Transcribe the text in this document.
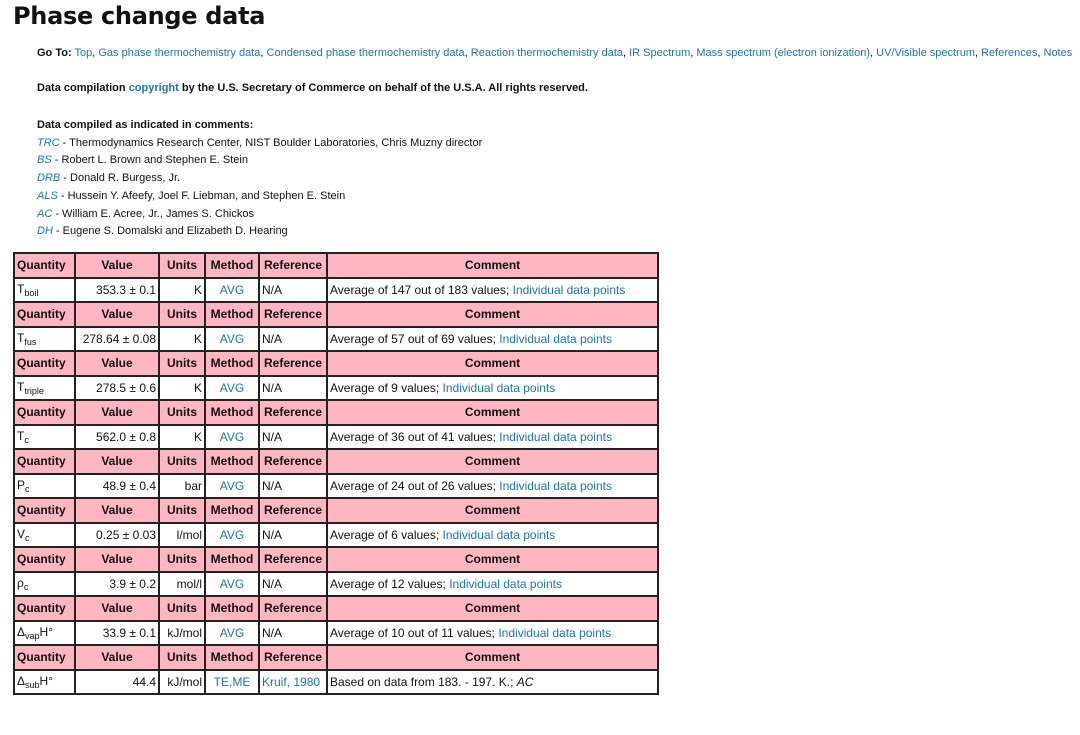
Phase change data
Go To: Top, Gas phase thermochemistry data, Condensed phase thermochemistry data, Reaction thermochemistry data, IR Spectrum, Mass spectrum (electron ionization), UV/Visible spectrum, References, Notes
Data compilation copyright by the U.S. Secretary of Commerce on behalf of the U.S.A. All rights reserved.
Data compiled as indicated in comments:
TRC - Thermodynamics Research Center, NIST Boulder Laboratories, Chris Muzny director
BS - Robert L. Brown and Stephen E. Stein
DRB - Donald R. Burgess, Jr.
ALS - Hussein Y. Afeefy, Joel F. Liebman, and Stephen E. Stein
AC - William E. Acree, Jr., James S. Chickos
DH - Eugene S. Domalski and Elizabeth D. Hearing
Quantity	Value	Units	Method	Reference	Comment
$T_{boil}$	353.3 ± 0.1	K	AVG	N/A	Average of 147 out of 183 values; Individual data points
Quantity	Value	Units	Method	Reference	Comment
$T_{fus}$	278.64 ± 0.08	K	AVG	N/A	Average of 57 out of 69 values; Individual data points
Quantity	Value	Units	Method	Reference	Comment
$T_{triple}$	278.5 ± 0.6	K	AVG	N/A	Average of 9 values; Individual data points
Quantity	Value	Units	Method	Reference	Comment
$T_c$	562.0 ± 0.8	K	AVG	N/A	Average of 36 out of 41 values; Individual data points
Quantity	Value	Units	Method	Reference	Comment
$P_c$	48.9 ± 0.4	bar	AVG	N/A	Average of 24 out of 26 values; Individual data points
Quantity	Value	Units	Method	Reference	Comment
$V_c$	0.25 ± 0.03	l/mol	AVG	N/A	Average of 6 values; Individual data points
Quantity	Value	Units	Method	Reference	Comment
$\rho_c$	3.9 ± 0.2	mol/l	AVG	N/A	Average of 12 values; Individual data points
Quantity	Value	Units	Method	Reference	Comment
$\Delta_{vap}H^\circ$	33.9 ± 0.1	kJ/mol	AVG	N/A	Average of 10 out of 11 values; Individual data points
Quantity	Value	Units	Method	Reference	Comment
$\Delta_{sub}H^\circ$	44.4	kJ/mol	TE,ME	Kruif, 1980	Based on data from 183. - 197. K.; AC
